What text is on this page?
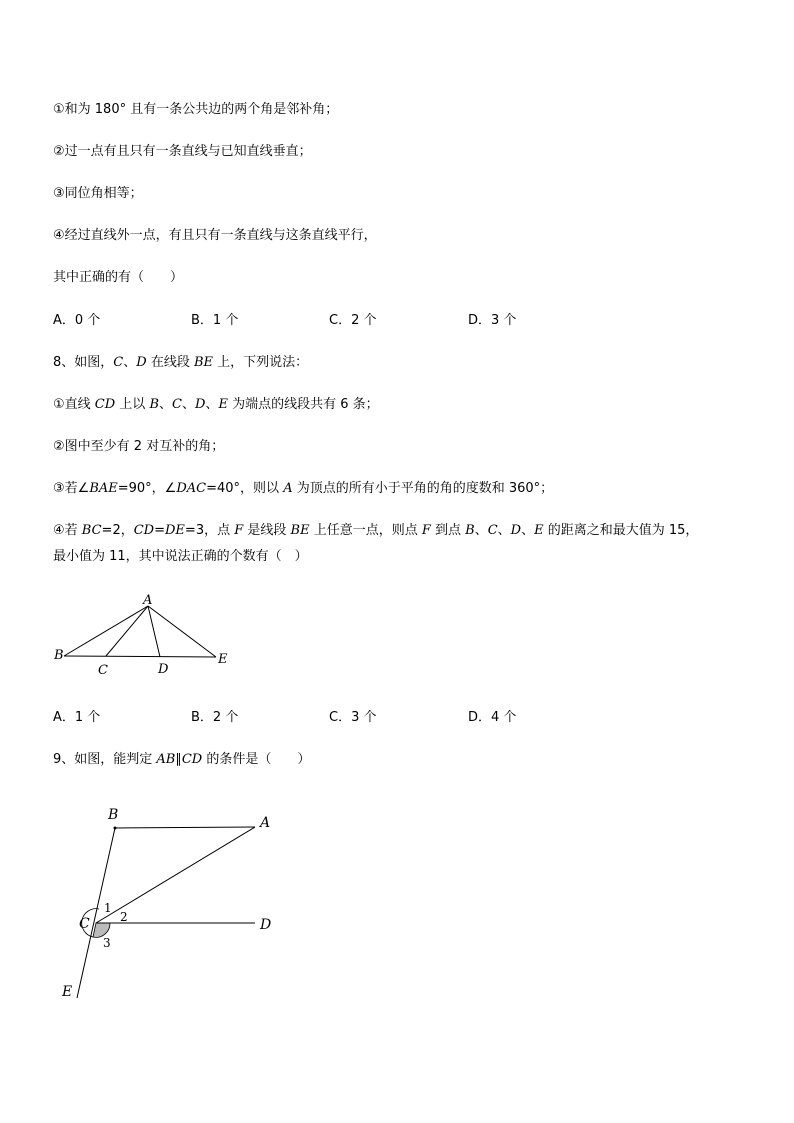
①和为 180° 且有一条公共边的两个角是邻补角；
②过一点有且只有一条直线与已知直线垂直；
③同位角相等；
④经过直线外一点，有且只有一条直线与这条直线平行，
其中正确的有（　　）
A．0 个	B．1 个	C．2 个	D．3 个
8、如图，C、D 在线段 BE 上，下列说法：
①直线 CD 上以 B、C、D、E 为端点的线段共有 6 条；
②图中至少有 2 对互补的角；
③若∠BAE=90°，∠DAC=40°，则以 A 为顶点的所有小于平角的角的度数和 360°；
④若 BC=2，CD=DE=3，点 F 是线段 BE 上任意一点，则点 F 到点 B、C、D、E 的距离之和最大值为 15，
最小值为 11，其中说法正确的个数有（　）
A
B
C	D
E
A．1 个	B．2 个	C．3 个	D．4 个
9、如图，能判定 AB∥CD 的条件是（　　）
B	A
C	D
E
1
2
3
